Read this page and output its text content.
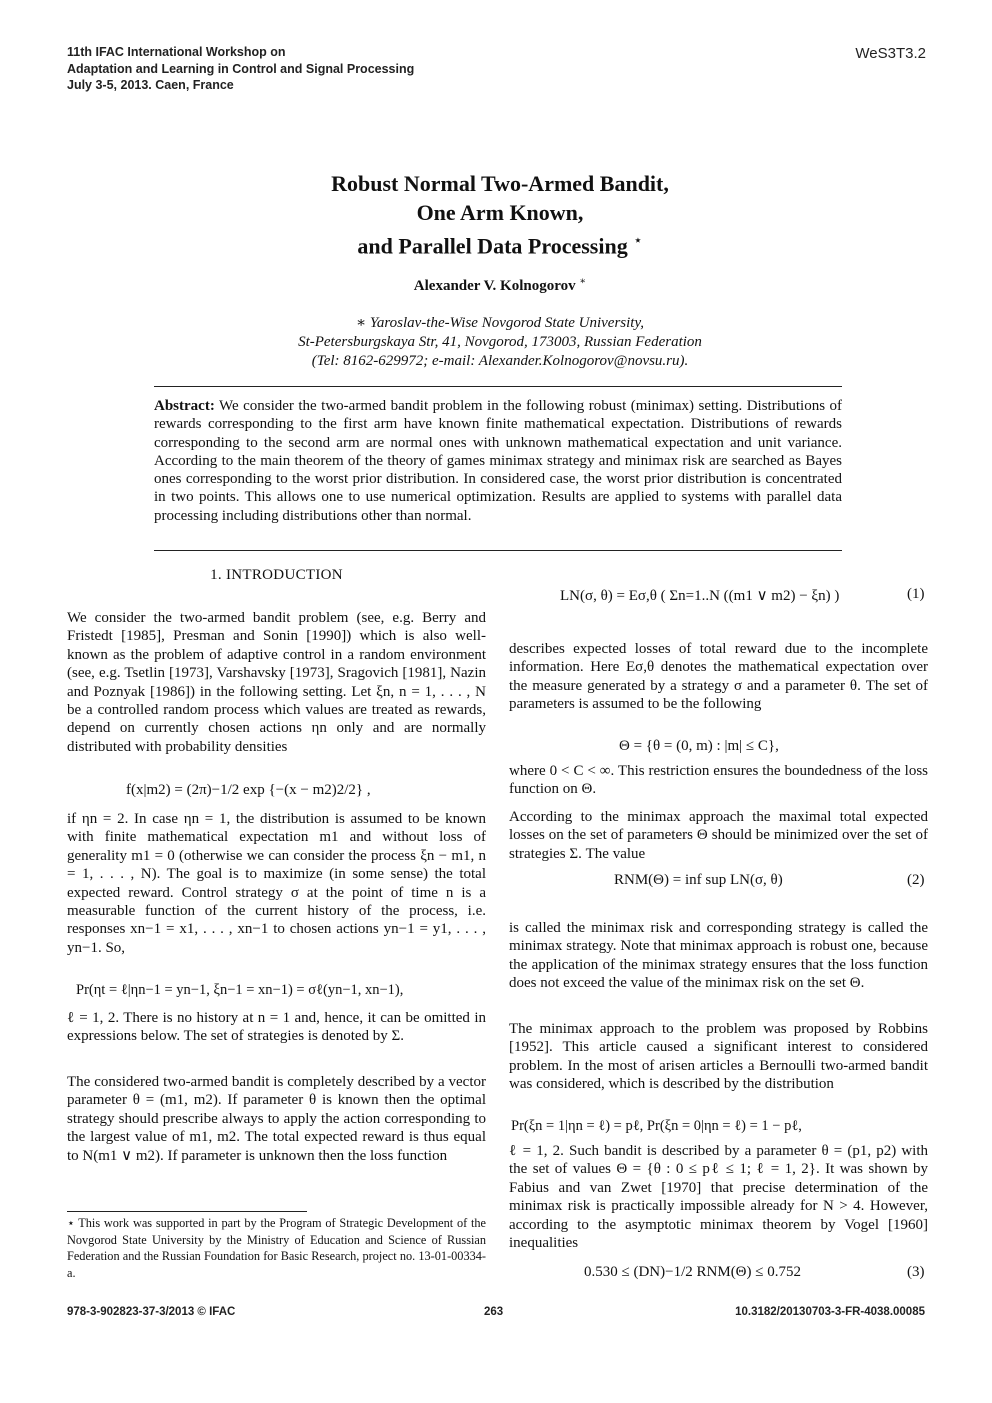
11th IFAC International Workshop on
Adaptation and Learning in Control and Signal Processing
July 3-5, 2013. Caen, France
WeS3T3.2
Robust Normal Two-Armed Bandit,
One Arm Known,
and Parallel Data Processing ⋆
Alexander V. Kolnogorov ∗
∗ Yaroslav-the-Wise Novgorod State University,
St-Petersburgskaya Str, 41, Novgorod, 173003, Russian Federation
(Tel: 8162-629972; e-mail: Alexander.Kolnogorov@novsu.ru).
Abstract: We consider the two-armed bandit problem in the following robust (minimax) setting. Distributions of rewards corresponding to the first arm have known finite mathematical expectation. Distributions of rewards corresponding to the second arm are normal ones with unknown mathematical expectation and unit variance. According to the main theorem of the theory of games minimax strategy and minimax risk are searched as Bayes ones corresponding to the worst prior distribution. In considered case, the worst prior distribution is concentrated in two points. This allows one to use numerical optimization. Results are applied to systems with parallel data processing including distributions other than normal.
1. INTRODUCTION

We consider the two-armed bandit problem (see, e.g. Berry and Fristedt [1985], Presman and Sonin [1990]) which is also well-known as the problem of adaptive control in a random environment (see, e.g. Tsetlin [1973], Varshavsky [1973], Sragovich [1981], Nazin and Poznyak [1986]) in the following setting. Let ξn, n = 1, . . . , N be a controlled random process which values are treated as rewards, depend on currently chosen actions ηn only and are normally distributed with probability densities

f(x|m2) = (2π)−1/2 exp {−(x − m2)2/2} ,

if ηn = 2. In case ηn = 1, the distribution is assumed to be known with finite mathematical expectation m1 and without loss of generality m1 = 0 (otherwise we can consider the process ξn − m1, n = 1, . . . , N). The goal is to maximize (in some sense) the total expected reward. Control strategy σ at the point of time n is a measurable function of the current history of the process, i.e. responses xn−1 = x1, . . . , xn−1 to chosen actions yn−1 = y1, . . . , yn−1. So,

Pr(ηt = ℓ|ηn−1 = yn−1, ξn−1 = xn−1) = σℓ(yn−1, xn−1),

ℓ = 1, 2. There is no history at n = 1 and, hence, it can be omitted in expressions below. The set of strategies is denoted by Σ.

The considered two-armed bandit is completely described by a vector parameter θ = (m1, m2). If parameter θ is known then the optimal strategy should prescribe always to apply the action corresponding to the largest value of m1, m2. The total expected reward is thus equal to N(m1 ∨ m2). If parameter is unknown then the loss function

⋆ This work was supported in part by the Program of Strategic Development of the Novgorod State University by the Ministry of Education and Science of Russian Federation and the Russian Foundation for Basic Research, project no. 13-01-00334-a.
LN(σ, θ) = Eσ,θ ( Σn=1..N ((m1 ∨ m2) − ξn) )	(1)

describes expected losses of total reward due to the incomplete information. Here Eσ,θ denotes the mathematical expectation over the measure generated by a strategy σ and a parameter θ. The set of parameters is assumed to be the following

Θ = {θ = (0, m) : |m| ≤ C},

where 0 < C < ∞. This restriction ensures the boundedness of the loss function on Θ.

According to the minimax approach the maximal total expected losses on the set of parameters Θ should be minimized over the set of strategies Σ. The value

RNM(Θ) = inf sup LN(σ, θ)	(2)

is called the minimax risk and corresponding strategy is called the minimax strategy. Note that minimax approach is robust one, because the application of the minimax strategy ensures that the loss function does not exceed the value of the minimax risk on the set Θ.

The minimax approach to the problem was proposed by Robbins [1952]. This article caused a significant interest to considered problem. In the most of arisen articles a Bernoulli two-armed bandit was considered, which is described by the distribution

Pr(ξn = 1|ηn = ℓ) = pℓ, Pr(ξn = 0|ηn = ℓ) = 1 − pℓ,

ℓ = 1, 2. Such bandit is described by a parameter θ = (p1, p2) with the set of values Θ = {θ : 0 ≤ pℓ ≤ 1; ℓ = 1, 2}. It was shown by Fabius and van Zwet [1970] that precise determination of the minimax risk is practically impossible already for N > 4. However, according to the asymptotic minimax theorem by Vogel [1960] inequalities

0.530 ≤ (DN)−1/2 RNM(Θ) ≤ 0.752	(3)
978-3-902823-37-3/2013 © IFAC	263	10.3182/20130703-3-FR-4038.00085
